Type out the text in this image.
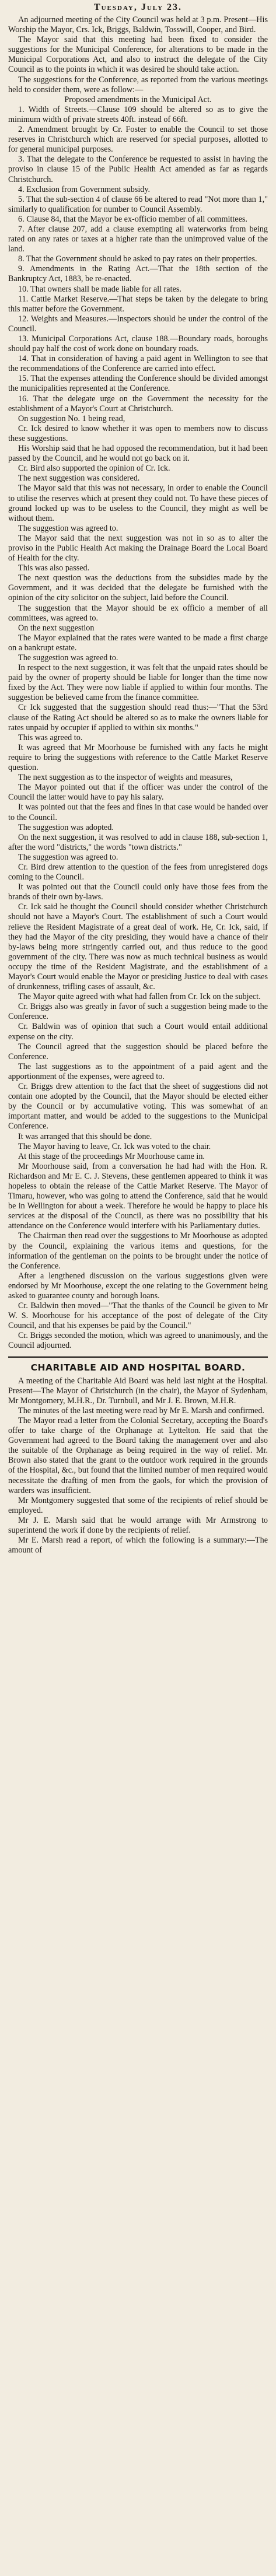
Tuesday, July 23.

An adjourned meeting of the City Council was held at 3 p.m. Present—His Worship the Mayor, Crs. Ick, Briggs, Baldwin, Tosswill, Cooper, and Bird.

The Mayor said that this meeting had been fixed to consider the suggestions for the Municipal Conference, for alterations to be made in the Municipal Corporations Act, and also to instruct the delegate of the City Council as to the points in which it was desired he should take action.

The suggestions for the Conference, as reported from the various meetings held to consider them, were as follow:—

Proposed amendments in the Municipal Act.

1. Width of Streets.—Clause 109 should be altered so as to give the minimum width of private streets 40ft. instead of 66ft.

2. Amendment brought by Cr. Foster to enable the Council to set those reserves in Christchurch which are reserved for special purposes, allotted to for general municipal purposes.

3. That the delegate to the Conference be requested to assist in having the proviso in clause 15 of the Public Health Act amended as far as regards Christchurch.

4. Exclusion from Government subsidy.

5. That the sub-section 4 of clause 66 be altered to read "Not more than 1," similarly to qualification for number to Council Assembly.

6. Clause 84, that the Mayor be ex-officio member of all committees.

7. After clause 207, add a clause exempting all waterworks from being rated on any rates or taxes at a higher rate than the unimproved value of the land.

8. That the Government should be asked to pay rates on their properties.

9. Amendments in the Rating Act.—That the 18th section of the Bankruptcy Act, 1883, be re-enacted.

10. That owners shall be made liable for all rates.

11. Cattle Market Reserve.—That steps be taken by the delegate to bring this matter before the Government.

12. Weights and Measures.—Inspectors should be under the control of the Council.

13. Municipal Corporations Act, clause 188.—Boundary roads, boroughs should pay half the cost of work done on boundary roads.

14. That in consideration of having a paid agent in Wellington to see that the recommendations of the Conference are carried into effect.

15. That the expenses attending the Conference should be divided amongst the municipalities represented at the Conference.

16. That the delegate urge on the Government the necessity for the establishment of a Mayor's Court at Christchurch.

On suggestion No. 1 being read,

Cr. Ick desired to know whether it was open to members now to discuss these suggestions.

His Worship said that he had opposed the recommendation, but it had been passed by the Council, and he would not go back on it.

Cr. Bird also supported the opinion of Cr. Ick.

The next suggestion was considered.

The Mayor said that this was not necessary, in order to enable the Council to utilise the reserves which at present they could not. To have these pieces of ground locked up was to be useless to the Council, they might as well be without them.

The suggestion was agreed to.

The Mayor said that the next suggestion was not in so as to alter the proviso in the Public Health Act making the Drainage Board the Local Board of Health for the city.

This was also passed.

The next question was the deductions from the subsidies made by the Government, and it was decided that the delegate be furnished with the opinion of the city solicitor on the subject, laid before the Council.

The suggestion that the Mayor should be ex officio a member of all committees, was agreed to.

On the next suggestion

The Mayor explained that the rates were wanted to be made a first charge on a bankrupt estate.

The suggestion was agreed to.

In respect to the next suggestion, it was felt that the unpaid rates should be paid by the owner of property should be liable for longer than the time now fixed by the Act. They were now liable if applied to within four months. The suggestion be believed came from the finance committee.

Cr Ick suggested that the suggestion should read thus:—"That the 53rd clause of the Rating Act should be altered so as to make the owners liable for rates unpaid by occupier if applied to within six months."

This was agreed to.

It was agreed that Mr Moorhouse be furnished with any facts he might require to bring the suggestions with reference to the Cattle Market Reserve question.

The next suggestion as to the inspector of weights and measures,

The Mayor pointed out that if the officer was under the control of the Council the latter would have to pay his salary.

It was pointed out that the fees and fines in that case would be handed over to the Council.

The suggestion was adopted.

On the next suggestion, it was resolved to add in clause 188, sub-section 1, after the word "districts," the words "town districts."

The suggestion was agreed to.

Cr. Bird drew attention to the question of the fees from unregistered dogs coming to the Council.

It was pointed out that the Council could only have those fees from the brands of their own by-laws.

Cr. Ick said he thought the Council should consider whether Christchurch should not have a Mayor's Court. The establishment of such a Court would relieve the Resident Magistrate of a great deal of work. He, Cr. Ick, said, if they had the Mayor of the city presiding, they would have a chance of their by-laws being more stringently carried out, and thus reduce to the good government of the city. There was now as much technical business as would occupy the time of the Resident Magistrate, and the establishment of a Mayor's Court would enable the Mayor or presiding Justice to deal with cases of drunkenness, trifling cases of assault, &c.

The Mayor quite agreed with what had fallen from Cr. Ick on the subject.

Cr. Briggs also was greatly in favor of such a suggestion being made to the Conference.

Cr. Baldwin was of opinion that such a Court would entail additional expense on the city.

The Council agreed that the suggestion should be placed before the Conference.

The last suggestions as to the appointment of a paid agent and the apportionment of the expenses, were agreed to.

Cr. Briggs drew attention to the fact that the sheet of suggestions did not contain one adopted by the Council, that the Mayor should be elected either by the Council or by accumulative voting. This was somewhat of an important matter, and would be added to the suggestions to the Municipal Conference.

It was arranged that this should be done.

The Mayor having to leave, Cr. Ick was voted to the chair.

At this stage of the proceedings Mr Moorhouse came in.

Mr Moorhouse said, from a conversation he had had with the Hon. R. Richardson and Mr E. C. J. Stevens, these gentlemen appeared to think it was hopeless to obtain the release of the Cattle Market Reserve. The Mayor of Timaru, however, who was going to attend the Conference, said that he would be in Wellington for about a week. Therefore he would be happy to place his services at the disposal of the Council, as there was no possibility that his attendance on the Conference would interfere with his Parliamentary duties.

The Chairman then read over the suggestions to Mr Moorhouse as adopted by the Council, explaining the various items and questions, for the information of the gentleman on the points to be brought under the notice of the Conference.

After a lengthened discussion on the various suggestions given were endorsed by Mr Moorhouse, except the one relating to the Government being asked to guarantee county and borough loans.

Cr. Baldwin then moved—"That the thanks of the Council be given to Mr W. S. Moorhouse for his acceptance of the post of delegate of the City Council, and that his expenses be paid by the Council."

Cr. Briggs seconded the motion, which was agreed to unanimously, and the Council adjourned.

CHARITABLE AID AND HOSPITAL BOARD.

A meeting of the Charitable Aid Board was held last night at the Hospital. Present—The Mayor of Christchurch (in the chair), the Mayor of Sydenham, Mr Montgomery, M.H.R., Dr. Turnbull, and Mr J. E. Brown, M.H.R.

The minutes of the last meeting were read by Mr E. Marsh and confirmed.

The Mayor read a letter from the Colonial Secretary, accepting the Board's offer to take charge of the Orphanage at Lyttelton. He said that the Government had agreed to the Board taking the management over and also the suitable of the Orphanage as being required in the way of relief. Mr. Brown also stated that the grant to the outdoor work required in the grounds of the Hospital, &c., but found that the limited number of men required would necessitate the drafting of men from the gaols, for which the provision of warders was insufficient.

Mr Montgomery suggested that some of the recipients of relief should be employed.

Mr J. E. Marsh said that he would arrange with Mr Armstrong to superintend the work if done by the recipients of relief.

Mr E. Marsh read a report, of which the following is a summary:—The amount of
